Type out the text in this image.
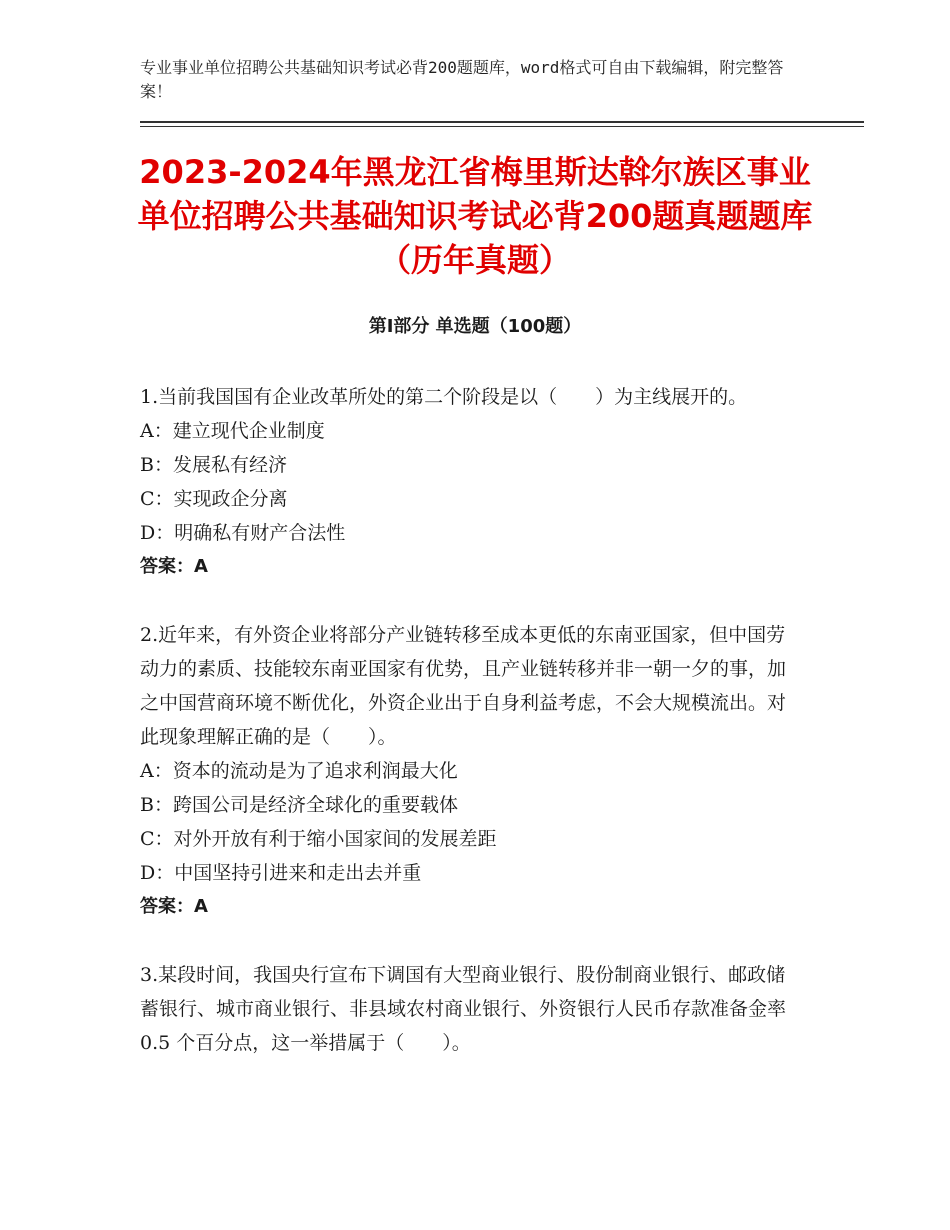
专业事业单位招聘公共基础知识考试必背200题题库，word格式可自由下载编辑，附完整答案！
2023-2024年黑龙江省梅里斯达斡尔族区事业单位招聘公共基础知识考试必背200题真题题库（历年真题）
第Ⅰ部分 单选题（100题）
1.当前我国国有企业改革所处的第二个阶段是以（　　）为主线展开的。
A：建立现代企业制度
B：发展私有经济
C：实现政企分离
D：明确私有财产合法性
答案：A
2.近年来，有外资企业将部分产业链转移至成本更低的东南亚国家，但中国劳动力的素质、技能较东南亚国家有优势，且产业链转移并非一朝一夕的事，加之中国营商环境不断优化，外资企业出于自身利益考虑，不会大规模流出。对此现象理解正确的是（　　）。
A：资本的流动是为了追求利润最大化
B：跨国公司是经济全球化的重要载体
C：对外开放有利于缩小国家间的发展差距
D：中国坚持引进来和走出去并重
答案：A
3.某段时间，我国央行宣布下调国有大型商业银行、股份制商业银行、邮政储蓄银行、城市商业银行、非县域农村商业银行、外资银行人民币存款准备金率 0.5 个百分点，这一举措属于（　　）。
